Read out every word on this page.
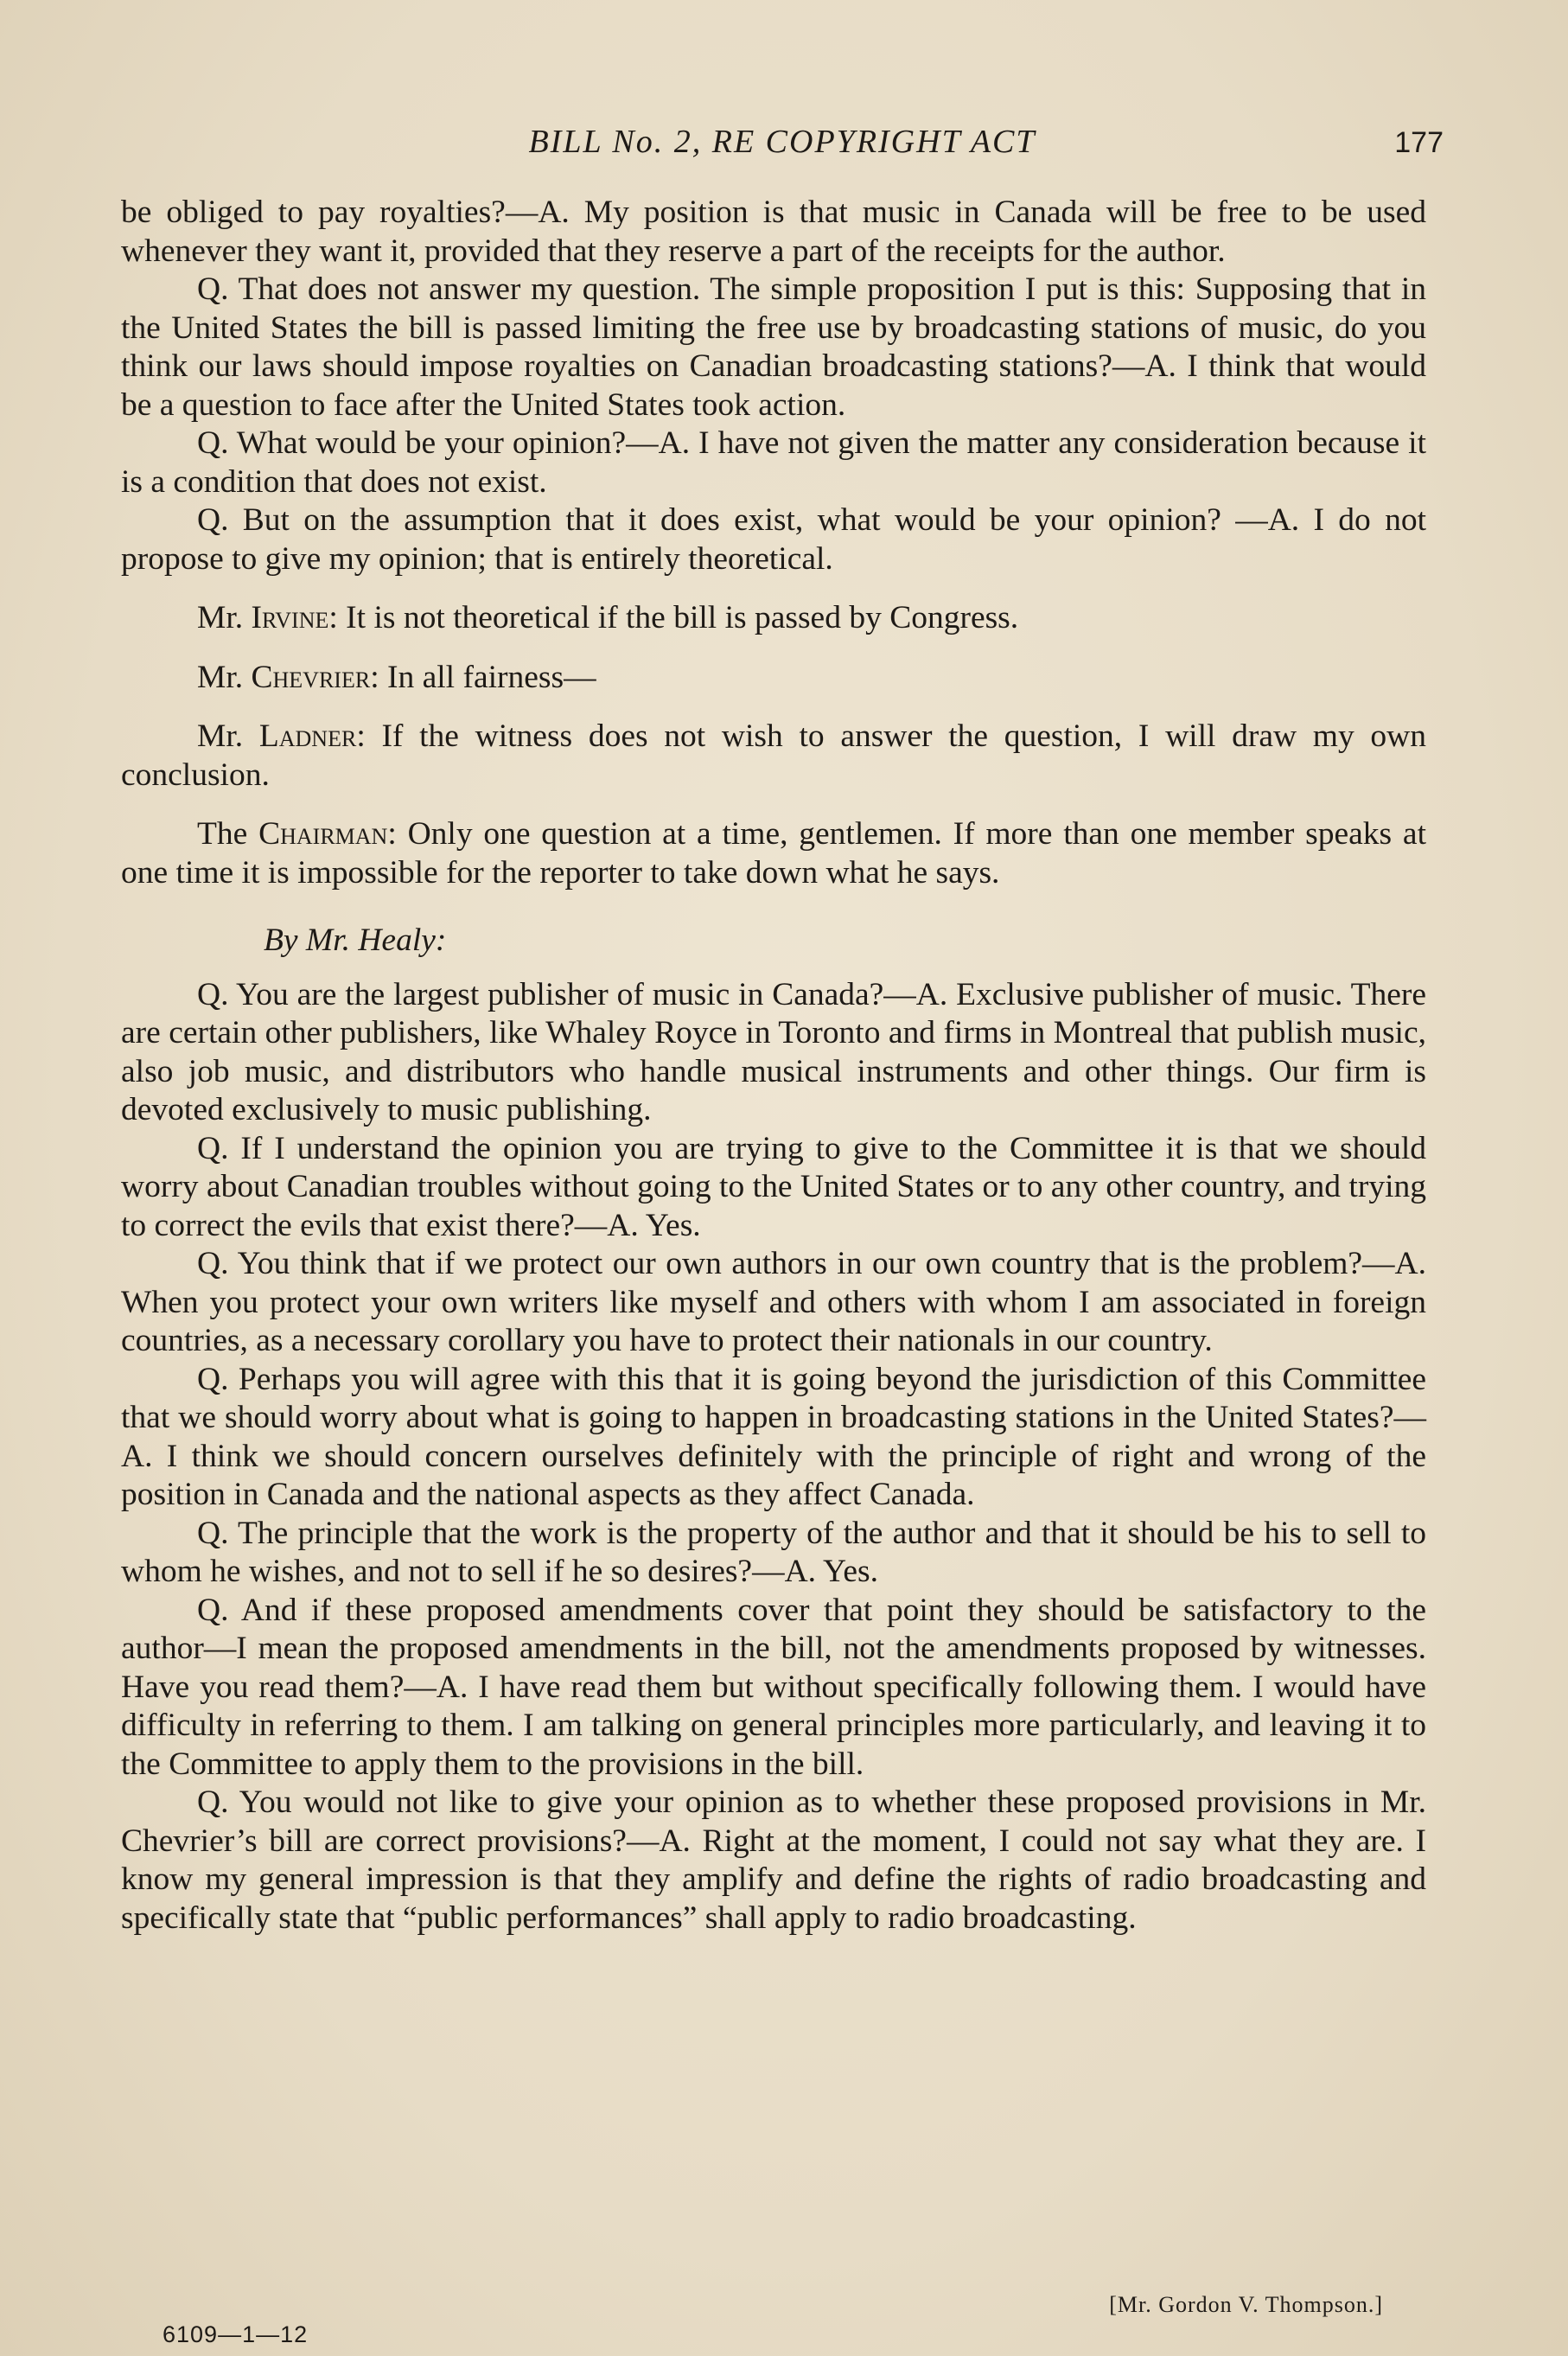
BILL No. 2, RE COPYRIGHT ACT	177

be obliged to pay royalties?—A. My position is that music in Canada will be free to be used whenever they want it, provided that they reserve a part of the receipts for the author.

Q. That does not answer my question. The simple proposition I put is this: Supposing that in the United States the bill is passed limiting the free use by broadcasting stations of music, do you think our laws should impose royalties on Canadian broadcasting stations?—A. I think that would be a question to face after the United States took action.

Q. What would be your opinion?—A. I have not given the matter any consideration because it is a condition that does not exist.

Q. But on the assumption that it does exist, what would be your opinion? —A. I do not propose to give my opinion; that is entirely theoretical.

Mr. Irvine: It is not theoretical if the bill is passed by Congress.

Mr. Chevrier: In all fairness—

Mr. Ladner: If the witness does not wish to answer the question, I will draw my own conclusion.

The Chairman: Only one question at a time, gentlemen. If more than one member speaks at one time it is impossible for the reporter to take down what he says.

By Mr. Healy:

Q. You are the largest publisher of music in Canada?—A. Exclusive publisher of music. There are certain other publishers, like Whaley Royce in Toronto and firms in Montreal that publish music, also job music, and distributors who handle musical instruments and other things. Our firm is devoted exclusively to music publishing.

Q. If I understand the opinion you are trying to give to the Committee it is that we should worry about Canadian troubles without going to the United States or to any other country, and trying to correct the evils that exist there?—A. Yes.

Q. You think that if we protect our own authors in our own country that is the problem?—A. When you protect your own writers like myself and others with whom I am associated in foreign countries, as a necessary corollary you have to protect their nationals in our country.

Q. Perhaps you will agree with this that it is going beyond the jurisdiction of this Committee that we should worry about what is going to happen in broadcasting stations in the United States?—A. I think we should concern ourselves definitely with the principle of right and wrong of the position in Canada and the national aspects as they affect Canada.

Q. The principle that the work is the property of the author and that it should be his to sell to whom he wishes, and not to sell if he so desires?—A. Yes.

Q. And if these proposed amendments cover that point they should be satisfactory to the author—I mean the proposed amendments in the bill, not the amendments proposed by witnesses. Have you read them?—A. I have read them but without specifically following them. I would have difficulty in referring to them. I am talking on general principles more particularly, and leaving it to the Committee to apply them to the provisions in the bill.

Q. You would not like to give your opinion as to whether these proposed provisions in Mr. Chevrier’s bill are correct provisions?—A. Right at the moment, I could not say what they are. I know my general impression is that they amplify and define the rights of radio broadcasting and specifically state that “public performances” shall apply to radio broadcasting.

[Mr. Gordon V. Thompson.]
6109—1—12
